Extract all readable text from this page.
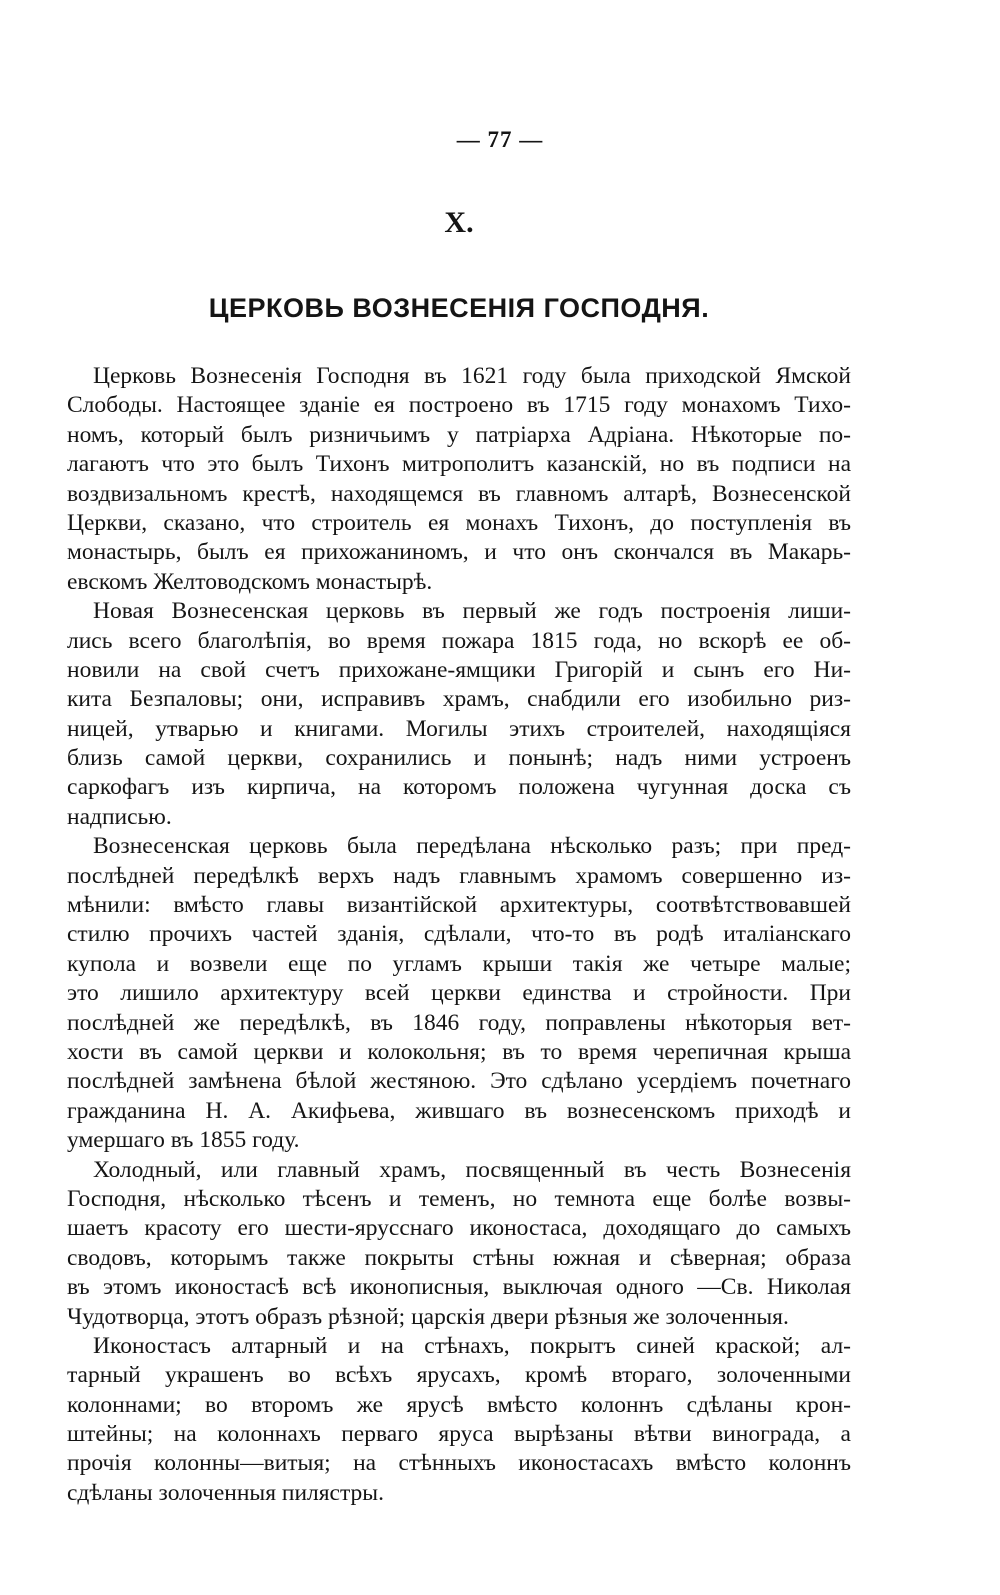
— 77 —
X.
ЦЕРКОВЬ ВОЗНЕСЕНІЯ ГОСПОДНЯ.
Церковь Вознесенія Господня въ 1621 году была приходской Ямской
Слободы. Настоящее зданіе ея построено въ 1715 году монахомъ Тихо-
номъ, который былъ ризничьимъ у патріарха Адріана. Нѣкоторые по-
лагаютъ что это былъ Тихонъ митрополитъ казанскій, но въ подписи на
воздвизальномъ крестѣ, находящемся въ главномъ алтарѣ, Вознесенской
Церкви, сказано, что строитель ея монахъ Тихонъ, до поступленія въ
монастырь, былъ ея прихожаниномъ, и что онъ скончался въ Макарь-
евскомъ Желтоводскомъ монастырѣ.
Новая Вознесенская церковь въ первый же годъ построенія лиши-
лись всего благолѣпія, во время пожара 1815 года, но вскорѣ ее об-
новили на свой счетъ прихожане-ямщики Григорій и сынъ его Ни-
кита Безпаловы; они, исправивъ храмъ, снабдили его изобильно риз-
ницей, утварью и книгами. Могилы этихъ строителей, находящіяся
близь самой церкви, сохранились и понынѣ; надъ ними устроенъ
саркофагъ изъ кирпича, на которомъ положена чугунная доска съ
надписью.
Вознесенская церковь была передѣлана нѣсколько разъ; при пред-
послѣдней передѣлкѣ верхъ надъ главнымъ храмомъ совершенно из-
мѣнили: вмѣсто главы византійской архитектуры, соотвѣтствовавшей
стилю прочихъ частей зданія, сдѣлали, что-то въ родѣ италіанскаго
купола и возвели еще по угламъ крыши такія же четыре малые;
это лишило архитектуру всей церкви единства и стройности. При
послѣдней же передѣлкѣ, въ 1846 году, поправлены нѣкоторыя вет-
хости въ самой церкви и колокольня; въ то время черепичная крыша
послѣдней замѣнена бѣлой жестяною. Это сдѣлано усердіемъ почетнаго
гражданина Н. А. Акифьева, жившаго въ вознесенскомъ приходѣ и
умершаго въ 1855 году.
Холодный, или главный храмъ, посвященный въ честь Вознесенія
Господня, нѣсколько тѣсенъ и теменъ, но темнота еще болѣе возвы-
шаетъ красоту его шести-ярусснаго иконостаса, доходящаго до самыхъ
сводовъ, которымъ также покрыты стѣны южная и сѣверная; образа
въ этомъ иконостасѣ всѣ иконописныя, выключая одного —Св. Николая
Чудотворца, этотъ образъ рѣзной; царскія двери рѣзныя же золоченныя.
Иконостасъ алтарный и на стѣнахъ, покрытъ синей краской; ал-
тарный украшенъ во всѣхъ ярусахъ, кромѣ втораго, золоченными
колоннами; во второмъ же ярусѣ вмѣсто колоннъ сдѣланы крон-
штейны; на колоннахъ перваго яруса вырѣзаны вѣтви винограда, а
прочія колонны—витыя; на стѣнныхъ иконостасахъ вмѣсто колоннъ
сдѣланы золоченныя пилястры.
